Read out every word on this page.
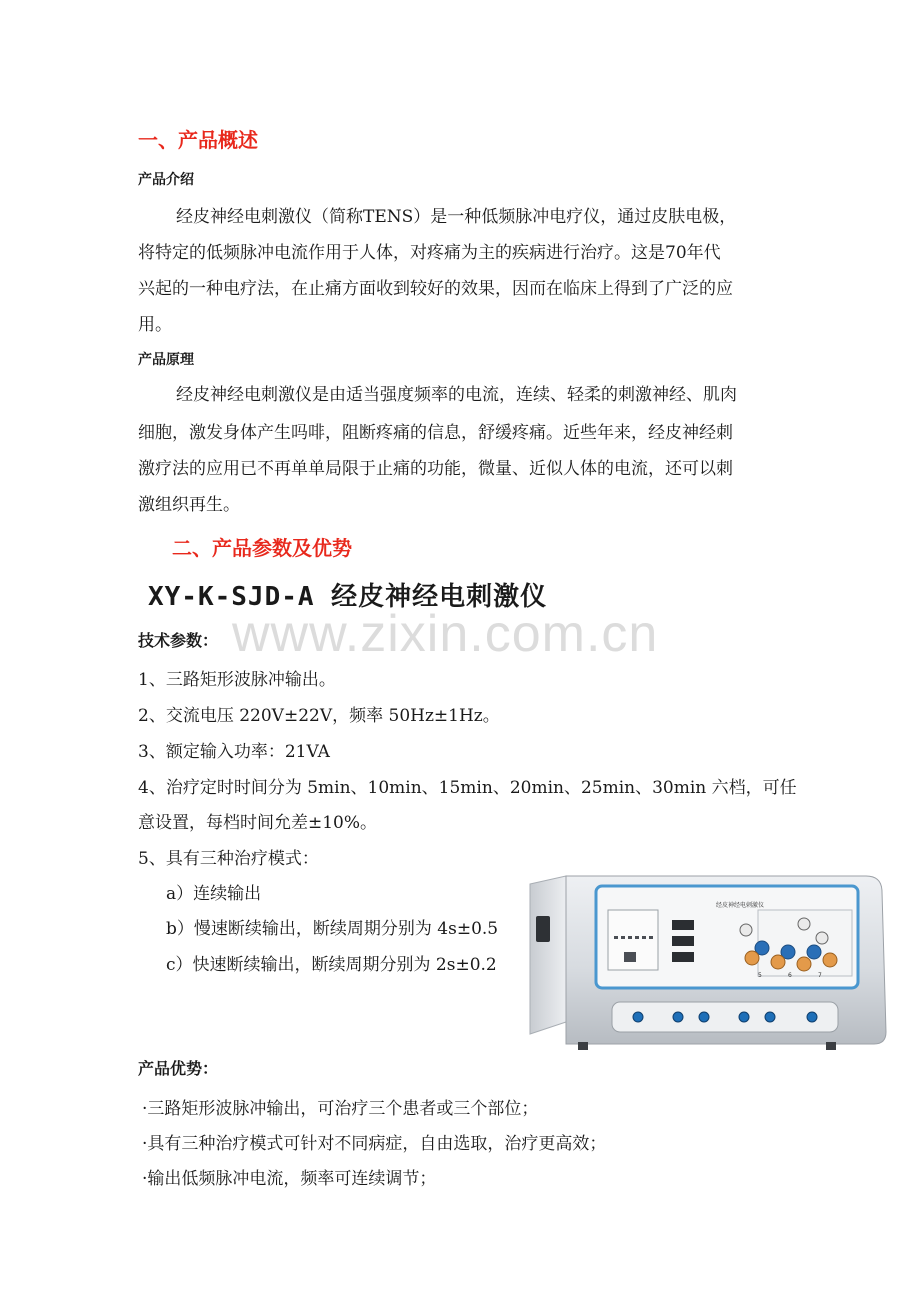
一、产品概述
产品介绍
经皮神经电刺激仪（简称TENS）是一种低频脉冲电疗仪，通过皮肤电极，
将特定的低频脉冲电流作用于人体，对疼痛为主的疾病进行治疗。这是70年代
兴起的一种电疗法，在止痛方面收到较好的效果，因而在临床上得到了广泛的应
用。
产品原理
经皮神经电刺激仪是由适当强度频率的电流，连续、轻柔的刺激神经、肌肉
细胞，激发身体产生吗啡，阻断疼痛的信息，舒缓疼痛。近些年来，经皮神经刺
激疗法的应用已不再单单局限于止痛的功能，微量、近似人体的电流，还可以刺
激组织再生。
二、产品参数及优势
XY-K-SJD-A 经皮神经电刺激仪
www.zixin.com.cn
技术参数：
1、三路矩形波脉冲输出。
2、交流电压 220V±22V，频率 50Hz±1Hz。
3、额定输入功率：21VA
4、治疗定时时间分为 5min、10min、15min、20min、25min、30min 六档，可任
意设置，每档时间允差±10%。
5、具有三种治疗模式：
a）连续输出
b）慢速断续输出，断续周期分别为 4s±0.5
c）快速断续输出，断续周期分别为 2s±0.2
经皮神经电刺激仪
5	6	7
产品优势：
·三路矩形波脉冲输出，可治疗三个患者或三个部位；
·具有三种治疗模式可针对不同病症，自由选取，治疗更高效；
·输出低频脉冲电流，频率可连续调节；
